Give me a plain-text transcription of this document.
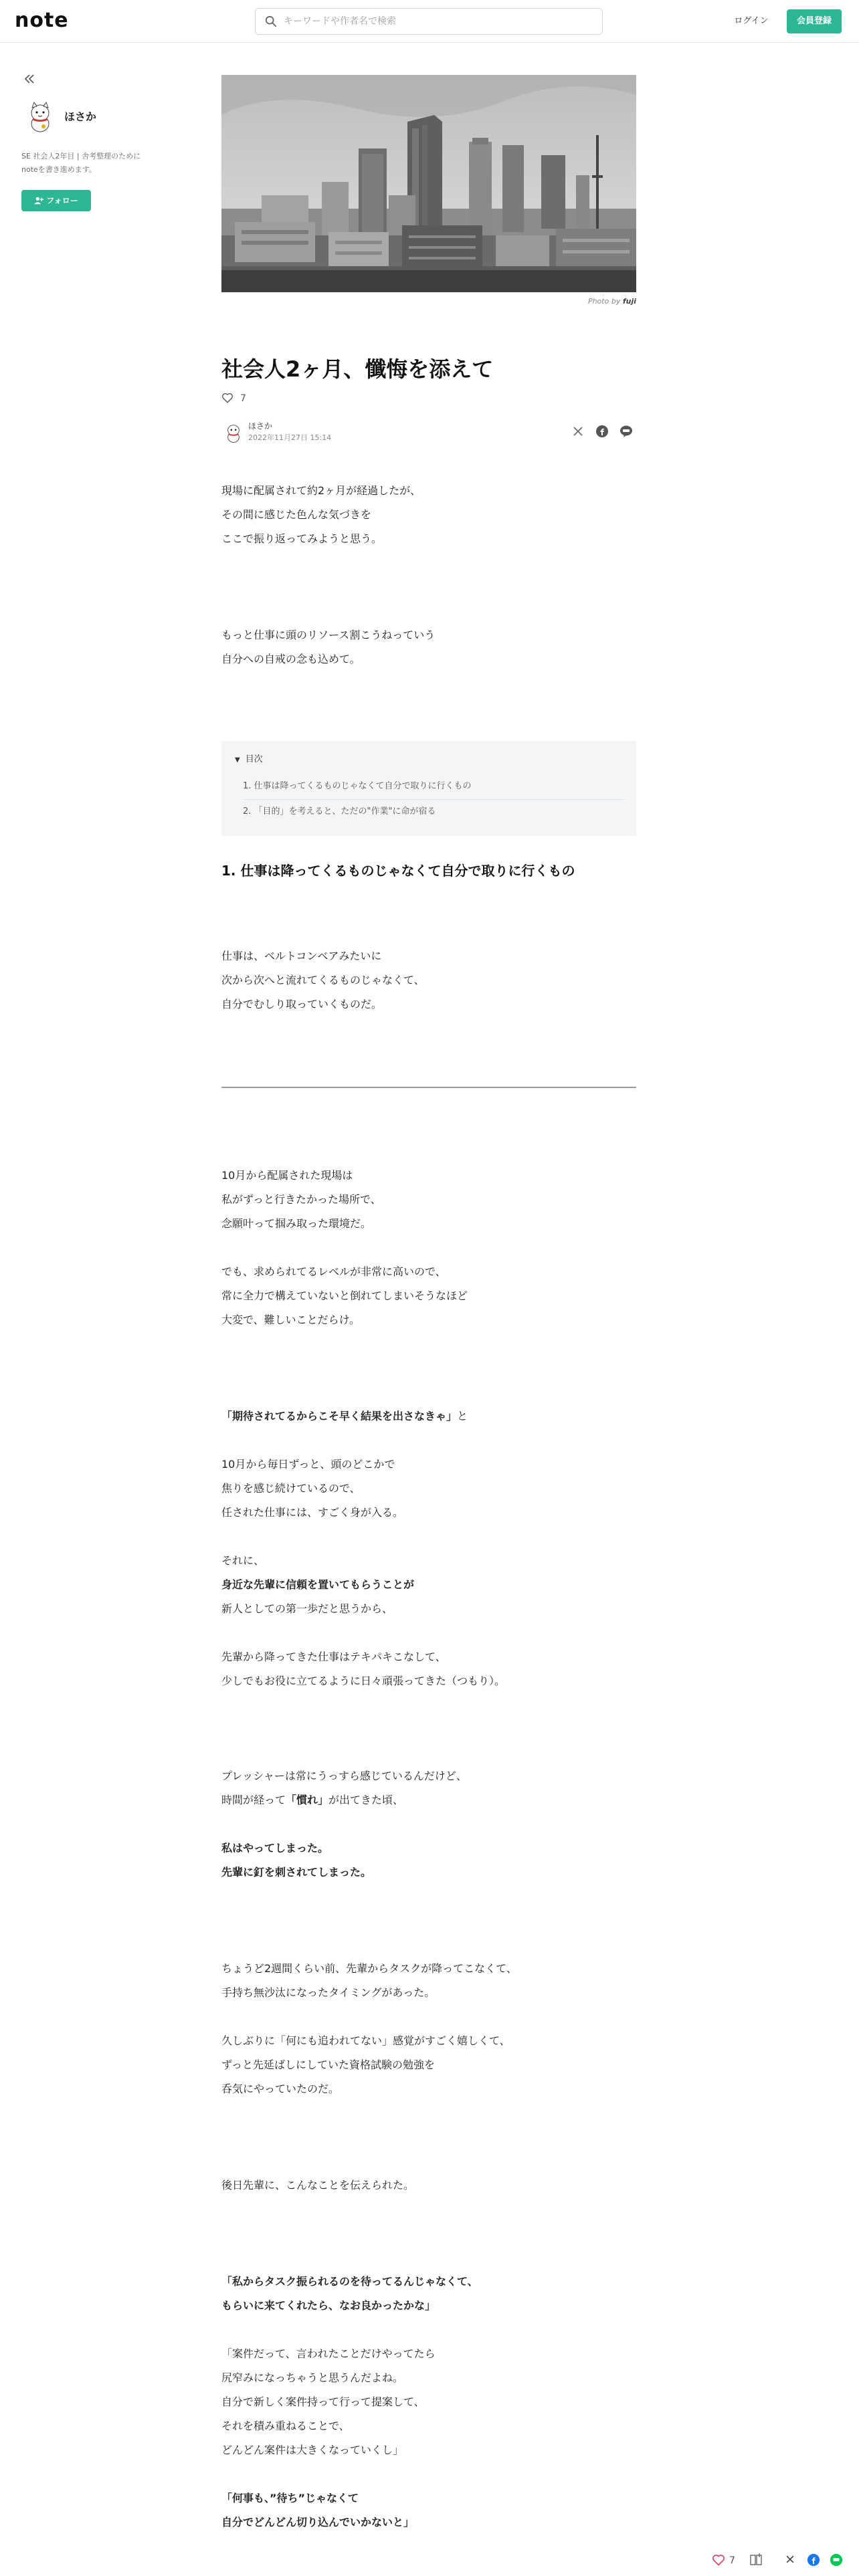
note
キーワードや作者名で検索	ログイン	会員登録
ほさか
SE 社会人2年目 | 舎考整理のためにnoteを書き進めます。
フォロー
Photo by fuji
社会人2ヶ月、懺悔を添えて
7
ほさか
2022年11月27日 15:14
現場に配属されて約2ヶ月が経過したが、
その間に感じた色んな気づきを
ここで振り返ってみようと思う。
もっと仕事に頭のリソース割こうねっていう
自分への自戒の念も込めて。
▼ 目次
1. 仕事は降ってくるものじゃなくて自分で取りに行くもの
2. 「目的」を考えると、ただの"作業"に命が宿る
1. 仕事は降ってくるものじゃなくて自分で取りに行くもの
仕事は、ベルトコンベアみたいに
次から次へと流れてくるものじゃなくて、
自分でむしり取っていくものだ。
10月から配属された現場は
私がずっと行きたかった場所で、
念願叶って掴み取った環境だ。
でも、求められてるレベルが非常に高いので、
常に全力で構えていないと倒れてしまいそうなほど
大変で、難しいことだらけ。
「期待されてるからこそ早く結果を出さなきゃ」と
10月から毎日ずっと、頭のどこかで
焦りを感じ続けているので、
任された仕事には、すごく身が入る。
それに、
身近な先輩に信頼を置いてもらうことが
新人としての第一歩だと思うから、
先輩から降ってきた仕事はテキパキこなして、
少しでもお役に立てるように日々頑張ってきた（つもり）。
プレッシャーは常にうっすら感じているんだけど、
時間が経って「慣れ」が出てきた頃、
私はやってしまった。
先輩に釘を刺されてしまった。
ちょうど2週間くらい前、先輩からタスクが降ってこなくて、
手持ち無沙汰になったタイミングがあった。
久しぶりに「何にも追われてない」感覚がすごく嬉しくて、
ずっと先延ばしにしていた資格試験の勉強を
呑気にやっていたのだ。
後日先輩に、こんなことを伝えられた。
「私からタスク振られるのを待ってるんじゃなくて、
もらいに来てくれたら、なお良かったかな」
「案件だって、言われたことだけやってたら
尻窄みになっちゃうと思うんだよね。
自分で新しく案件持って行って提案して、
それを積み重ねることで、
どんどん案件は大きくなっていくし」
「何事も、”待ち”じゃなくて
自分でどんどん切り込んでいかないと」
7
